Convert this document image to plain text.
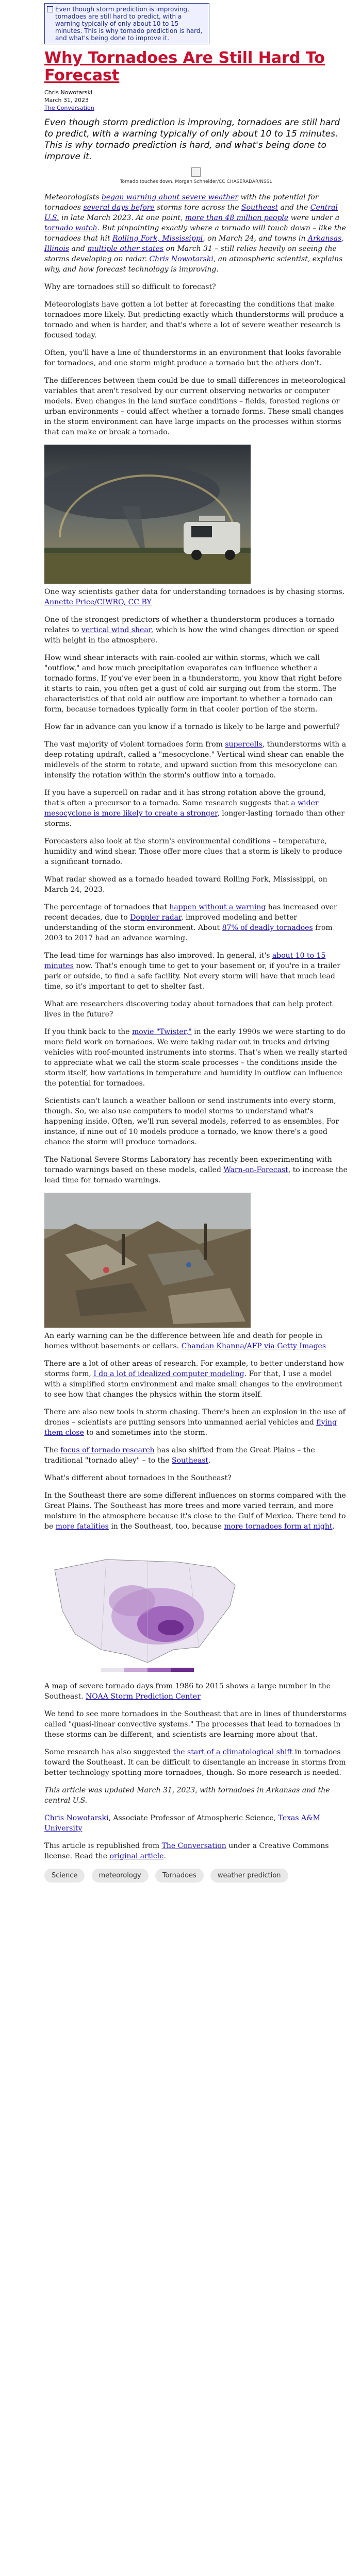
Even though storm prediction is improving, tornadoes are still hard to predict, with a warning typically of only about 10 to 15 minutes. This is why tornado prediction is hard, and what's being done to improve it.
Why Tornadoes Are Still Hard To Forecast
Chris Nowotarski
March 31, 2023
The Conversation
Even though storm prediction is improving, tornadoes are still hard to predict, with a warning typically of only about 10 to 15 minutes. This is why tornado prediction is hard, and what's being done to improve it.
Tornado touches down. Morgan Schneider/CC CHASERADAR/NSSL

Meteorologists began warning about severe weather with the potential for tornadoes several days before storms tore across the Southeast and the Central U.S. in late March 2023. At one point, more than 48 million people were under a tornado watch. But pinpointing exactly where a tornado will touch down – like the tornadoes that hit Rolling Fork, Mississippi, on March 24, and towns in Arkansas, Illinois and multiple other states on March 31 – still relies heavily on seeing the storms developing on radar. Chris Nowotarski, an atmospheric scientist, explains why, and how forecast technology is improving.

Why are tornadoes still so difficult to forecast?

Meteorologists have gotten a lot better at forecasting the conditions that make tornadoes more likely. But predicting exactly which thunderstorms will produce a tornado and when is harder, and that's where a lot of severe weather research is focused today.

Often, you'll have a line of thunderstorms in an environment that looks favorable for tornadoes, and one storm might produce a tornado but the others don't.

The differences between them could be due to small differences in meteorological variables that aren't resolved by our current observing networks or computer models. Even changes in the land surface conditions – fields, forested regions or urban environments – could affect whether a tornado forms. These small changes in the storm environment can have large impacts on the processes within storms that can make or break a tornado.

One way scientists gather data for understanding tornadoes is by chasing storms. Annette Price/CIWRO, CC BY

One of the strongest predictors of whether a thunderstorm produces a tornado relates to vertical wind shear, which is how the wind changes direction or speed with height in the atmosphere.

How wind shear interacts with rain-cooled air within storms, which we call "outflow," and how much precipitation evaporates can influence whether a tornado forms. If you've ever been in a thunderstorm, you know that right before it starts to rain, you often get a gust of cold air surging out from the storm. The characteristics of that cold air outflow are important to whether a tornado can form, because tornadoes typically form in that cooler portion of the storm.

How far in advance can you know if a tornado is likely to be large and powerful?

The vast majority of violent tornadoes form from supercells, thunderstorms with a deep rotating updraft, called a "mesocyclone." Vertical wind shear can enable the midlevels of the storm to rotate, and upward suction from this mesocyclone can intensify the rotation within the storm's outflow into a tornado.

If you have a supercell on radar and it has strong rotation above the ground, that's often a precursor to a tornado. Some research suggests that a wider mesocyclone is more likely to create a stronger, longer-lasting tornado than other storms.

Forecasters also look at the storm's environmental conditions – temperature, humidity and wind shear. Those offer more clues that a storm is likely to produce a significant tornado.

What radar showed as a tornado headed toward Rolling Fork, Mississippi, on March 24, 2023.

The percentage of tornadoes that happen without a warning has increased over recent decades, due to Doppler radar, improved modeling and better understanding of the storm environment. About 87% of deadly tornadoes from 2003 to 2017 had an advance warning.

The lead time for warnings has also improved. In general, it's about 10 to 15 minutes now. That's enough time to get to your basement or, if you're in a trailer park or outside, to find a safe facility. Not every storm will have that much lead time, so it's important to get to shelter fast.

What are researchers discovering today about tornadoes that can help protect lives in the future?

If you think back to the movie "Twister," in the early 1990s we were starting to do more field work on tornadoes. We were taking radar out in trucks and driving vehicles with roof-mounted instruments into storms. That's when we really started to appreciate what we call the storm-scale processes – the conditions inside the storm itself, how variations in temperature and humidity in outflow can influence the potential for tornadoes.

Scientists can't launch a weather balloon or send instruments into every storm, though. So, we also use computers to model storms to understand what's happening inside. Often, we'll run several models, referred to as ensembles. For instance, if nine out of 10 models produce a tornado, we know there's a good chance the storm will produce tornadoes.

The National Severe Storms Laboratory has recently been experimenting with tornado warnings based on these models, called Warn-on-Forecast, to increase the lead time for tornado warnings.

An early warning can be the difference between life and death for people in homes without basements or cellars. Chandan Khanna/AFP via Getty Images

There are a lot of other areas of research. For example, to better understand how storms form, I do a lot of idealized computer modeling. For that, I use a model with a simplified storm environment and make small changes to the environment to see how that changes the physics within the storm itself.

There are also new tools in storm chasing. There's been an explosion in the use of drones – scientists are putting sensors into unmanned aerial vehicles and flying them close to and sometimes into the storm.

The focus of tornado research has also shifted from the Great Plains – the traditional "tornado alley" – to the Southeast.

What's different about tornadoes in the Southeast?

In the Southeast there are some different influences on storms compared with the Great Plains. The Southeast has more trees and more varied terrain, and more moisture in the atmosphere because it's close to the Gulf of Mexico. There tend to be more fatalities in the Southeast, too, because more tornadoes form at night.

A map of severe tornado days from 1986 to 2015 shows a large number in the Southeast. NOAA Storm Prediction Center

We tend to see more tornadoes in the Southeast that are in lines of thunderstorms called "quasi-linear convective systems." The processes that lead to tornadoes in these storms can be different, and scientists are learning more about that.

Some research has also suggested the start of a climatological shift in tornadoes toward the Southeast. It can be difficult to disentangle an increase in storms from better technology spotting more tornadoes, though. So more research is needed.

This article was updated March 31, 2023, with tornadoes in Arkansas and the central U.S.

Chris Nowotarski, Associate Professor of Atmospheric Science, Texas A&M University

This article is republished from The Conversation under a Creative Commons license. Read the original article.

Science	meteorology	Tornadoes	weather prediction
